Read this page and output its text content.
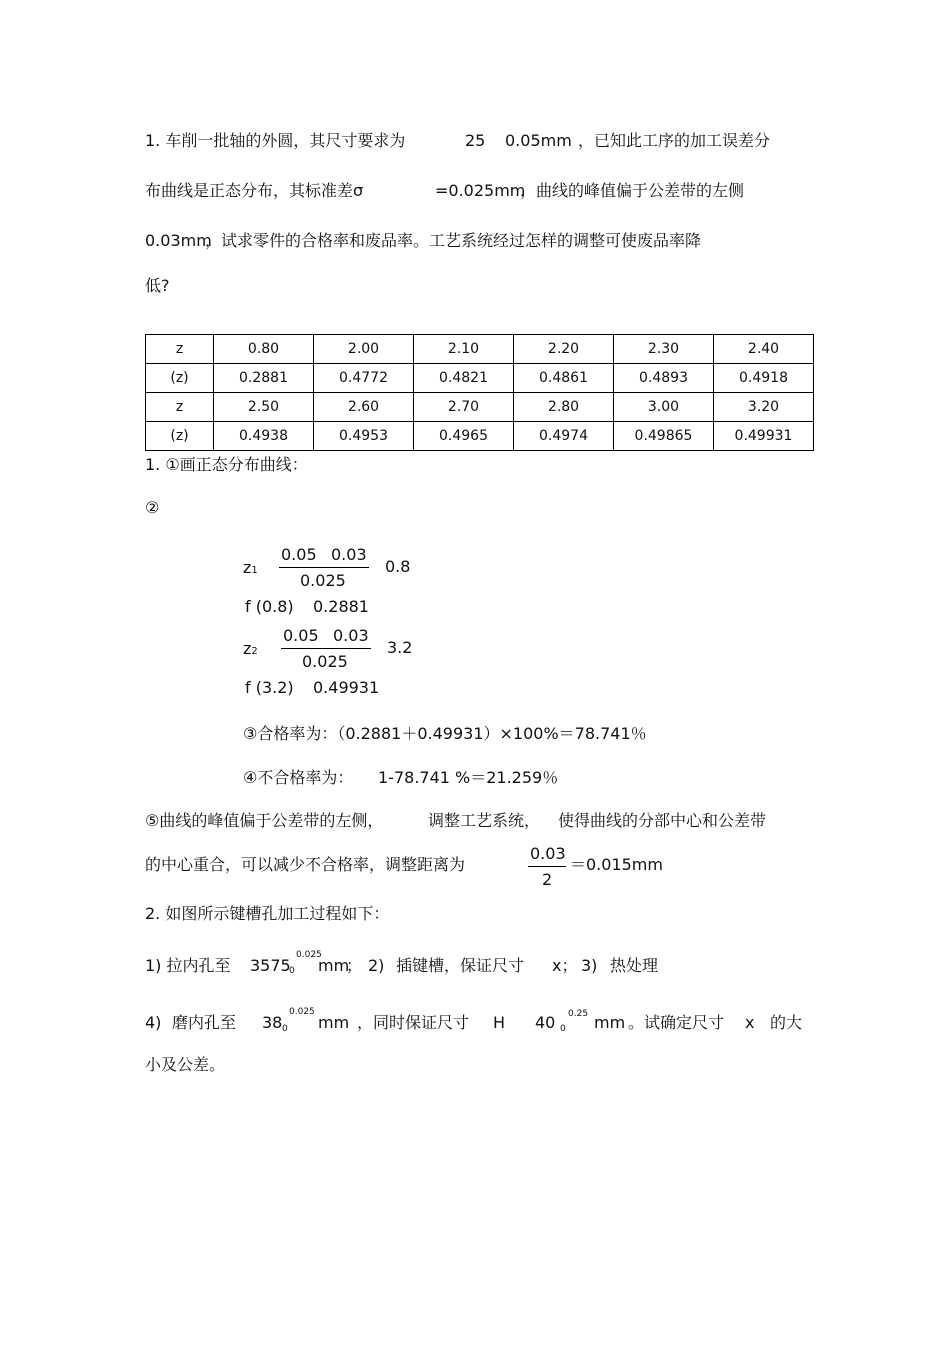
1. 车削一批轴的外圆，其尺寸要求为	25 0.05mm ，已知此工序的加工误差分
布曲线是正态分布，其标准差σ	=0.025mm
，曲线的峰值偏于公差带的左侧
0.03mm
，试求零件的合格率和废品率。工艺系统经过怎样的调整可使废品率降
低?
z	0.80	2.00	2.10	2.20	2.30	2.40
(z)	0.2881	0.4772	0.4821	0.4861	0.4893	0.4918
z	2.50	2.60	2.70	2.80	3.00	3.20
(z)	0.4938	0.4953	0.4965	0.4974	0.49865	0.49931
1. ①画正态分布曲线：
②
z1
0.05 0.03
0.025
0.8
f (0.8) 0.2881
z2
0.05 0.03
0.025
3.2
f (3.2) 0.49931
③合格率为：（0.2881＋0.49931）×100%＝78.741％
④不合格率为： 1-78.741 %＝21.259％
⑤曲线的峰值偏于公差带的左侧，	调整工艺系统， 使得曲线的分部中心和公差带
的中心重合，可以减少不合格率，调整距离为
0.03
2
＝0.015mm
2. 如图所示键槽孔加工过程如下：
1) 拉内孔至 3575
0.025
0 mm
； 2) 插键槽，保证尺寸 x； 3) 热处理
4) 磨内孔至 38 0
0.025
mm ，同时保证尺寸 H 40 0
0.25 mm 。试确定尺寸 x 的大
小及公差。
